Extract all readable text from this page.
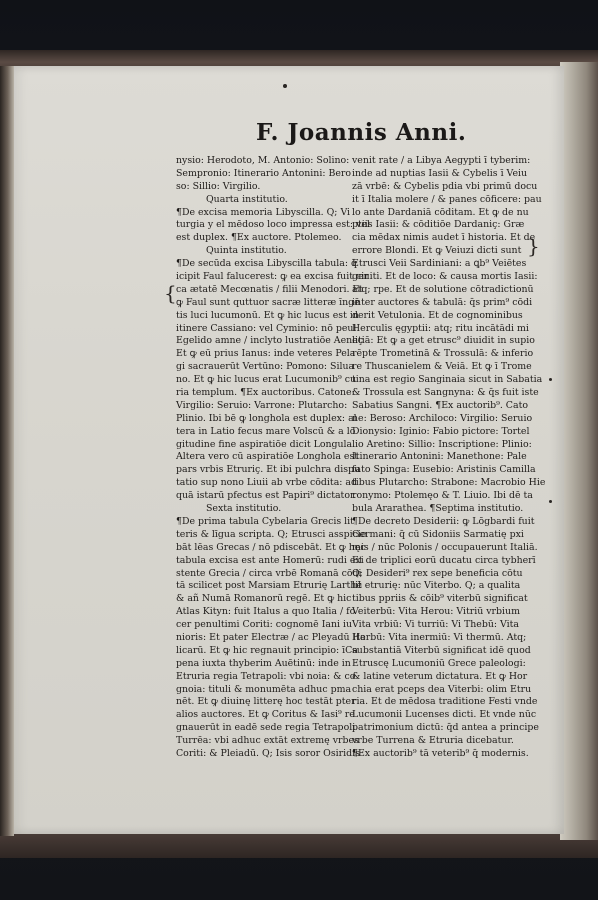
F. Joannis Anni.
{
}
nysio: Herodoto, M. Antonio: Solino:
Sempronio: Itinerario Antonini: Bero
so: Sillio: Virgilio.
Quarta institutio.
¶De excisa memoria Libyscilla. Q; Vi
turgia y el mēdoso loco impressa est: vel
est duplex. ¶Ex auctore. Ptolemeo.
Quinta institutio.
¶De secūda excisa Libyscilla tabula: q̄
icipit Faul falucerest: ꝙ ea excisa fuit cir
ca ætatē Mecœnatis / filii Menodori. Et
ꝙ Faul sunt quttuor sacræ litteræ īngē
tis luci lucumonū. Et ꝙ hic lucus est in
itinere Cassiano: vel Cyminio: nō peul
Egelido amne / inclyto lustratiōe Aeneç
Et ꝙ eū prius Ianus: inde veteres Pela
gi sacrauerūt Vertūno: Pomono: Silua
no. Et ꝙ hic lucus erat Lucumonib⁹ cu
ria templum. ¶Ex auctoribus. Catone:
Virgilio: Seruio: Varrone: Plutarcho:
Plinio. Ibi bē ꝙ longhola est duplex: al
tera in Latio fecus mare Volscū & a lō
gitudine fine aspiratiōe dicit Longula.
Altera vero cū aspiratiōe Longhola est
pars vrbis Etruriç. Et ibi pulchra dispu
tatio sup nono Liuii ab vrbe cōdita: ad
quā istarū pfectus est Papiri⁹ dictator.
Sexta institutio.
¶De prima tabula Cybelaria Grecis lit
teris & līgua scripta. Q; Etrusci asspicie
bāt lēas Grecas / nō pdiscebāt. Et ꝙ hęc
tabula excisa est ante Homerū: rudi exi
stente Grecia / circa vrbē Romanā cōdi
tā scilicet post Marsiam Etrurię Larthē
& añ Numā Romanorū regē. Et ꝙ hic
Atlas Kityn: fuit Italus a quo Italia / fo
cer penultimi Coriti: cognomē Iani iu
nioris: Et pater Electræ / ac Pleyadū Ita
licarū. Et ꝙ hic regnauit principio: īCa
pena iuxta thyberim Auētinū: inde in
Etruria regia Tetrapoli: vbi noia: & co
gnoia: tituli & monumēta adhuc pma
nēt. Et ꝙ diuinę litterę hoc testāt pter
alios auctores. Et ꝙ Coritus & Iasi⁹ re
gnauerūt in eadē sede regia Tetrapoli
Turrēa: vbi adhuc extāt extremę vrbes
Coriti: & Pleiadū. Q; Isis soror Osiridis
venit rate / a Libya Aegypti ī tyberim:
inde ad nuptias Iasii & Cybelis ī Veiu
zā vrbē: & Cybelis pdia vbi primū docu
it ī Italia molere / & panes cōficere: pau
lo ante Dardaniā cōditam. Et ꝙ de nu
ptiis Iasii: & cōditiōe Dardaniç: Græ
cia mēdax nimis audet ī historia. Et de
errore Blondi. Et ꝙ Veiuzi dicti sunt
Etrusci Veii Sardiniani: a ꝗb⁹ Veiētes
geniti. Et de loco: & causa mortis Iasii:
atq; rpe. Et de solutione cōtradictionū
inter auctores & tabulā: q̄s prim⁹ cōdi
derit Vetulonia. Et de cognominibus
Herculis ęgyptii: atq; ritu incātādi mi
litiā: Et ꝙ a get etrusc⁹ diuidit in supio
rēpte Trometinā & Trossulā: & inferio
re Thuscanielem & Veiā. Et ꝙ ī Trome
tina est regio Sanginaia sicut in Sabatia
& Trossula est Sangnyna: & q̄s fuit iste
Sabatius Sangni. ¶Ex auctorib⁹. Cato
ne: Beroso: Archiloco: Virgilio: Seruio
Dionysio: Iginio: Fabio pictore: Tortel
lio Aretino: Sillio: Inscriptione: Plinio:
Itinerario Antonini: Manethone: Pale
fato Spinga: Eusebio: Aristinis Camilla
tibus Plutarcho: Strabone: Macrobio Hie
ronymo: Ptolemęo & T. Liuio. Ibi dē ta
bula Ararathea. ¶Septima institutio.
¶De decreto Desiderii: ꝙ Lōgbardi fuit
Germani: q̄ cū Sidoniis Sarmatię pxi
mis / nūc Polonis / occupauerunt Italiā.
Et de triplici eorū ducatu circa tybherī
Q; Desideri⁹ rex sepe beneficia cōtu
lit etrurię: nūc Viterbo. Q; a qualita
tibus ppriis & cōib⁹ viterbū significat
Veiterbū: Vita Herou: Vitriū vrbium
Vita vrbiū: Vi turriū: Vi Thebū: Vita
Herbū: Vita inermiū: Vi thermū. Atq;
substantiā Viterbū significat idē quod
Etruscę Lucumoniū Grece paleologi:
& latine veterum dictatura. Et ꝙ Hor
chia erat pceps dea Viterbi: olim Etru
ria. Et de mēdosa traditione Festi vnde
Lucumonii Lucenses dicti. Et vnde nūc
patrimonium dictū: q̄d antea a principe
vrbe Turrena & Etruria dicebatur.
¶Ex auctorib⁹ tā veterib⁹ q̄ modernis.
